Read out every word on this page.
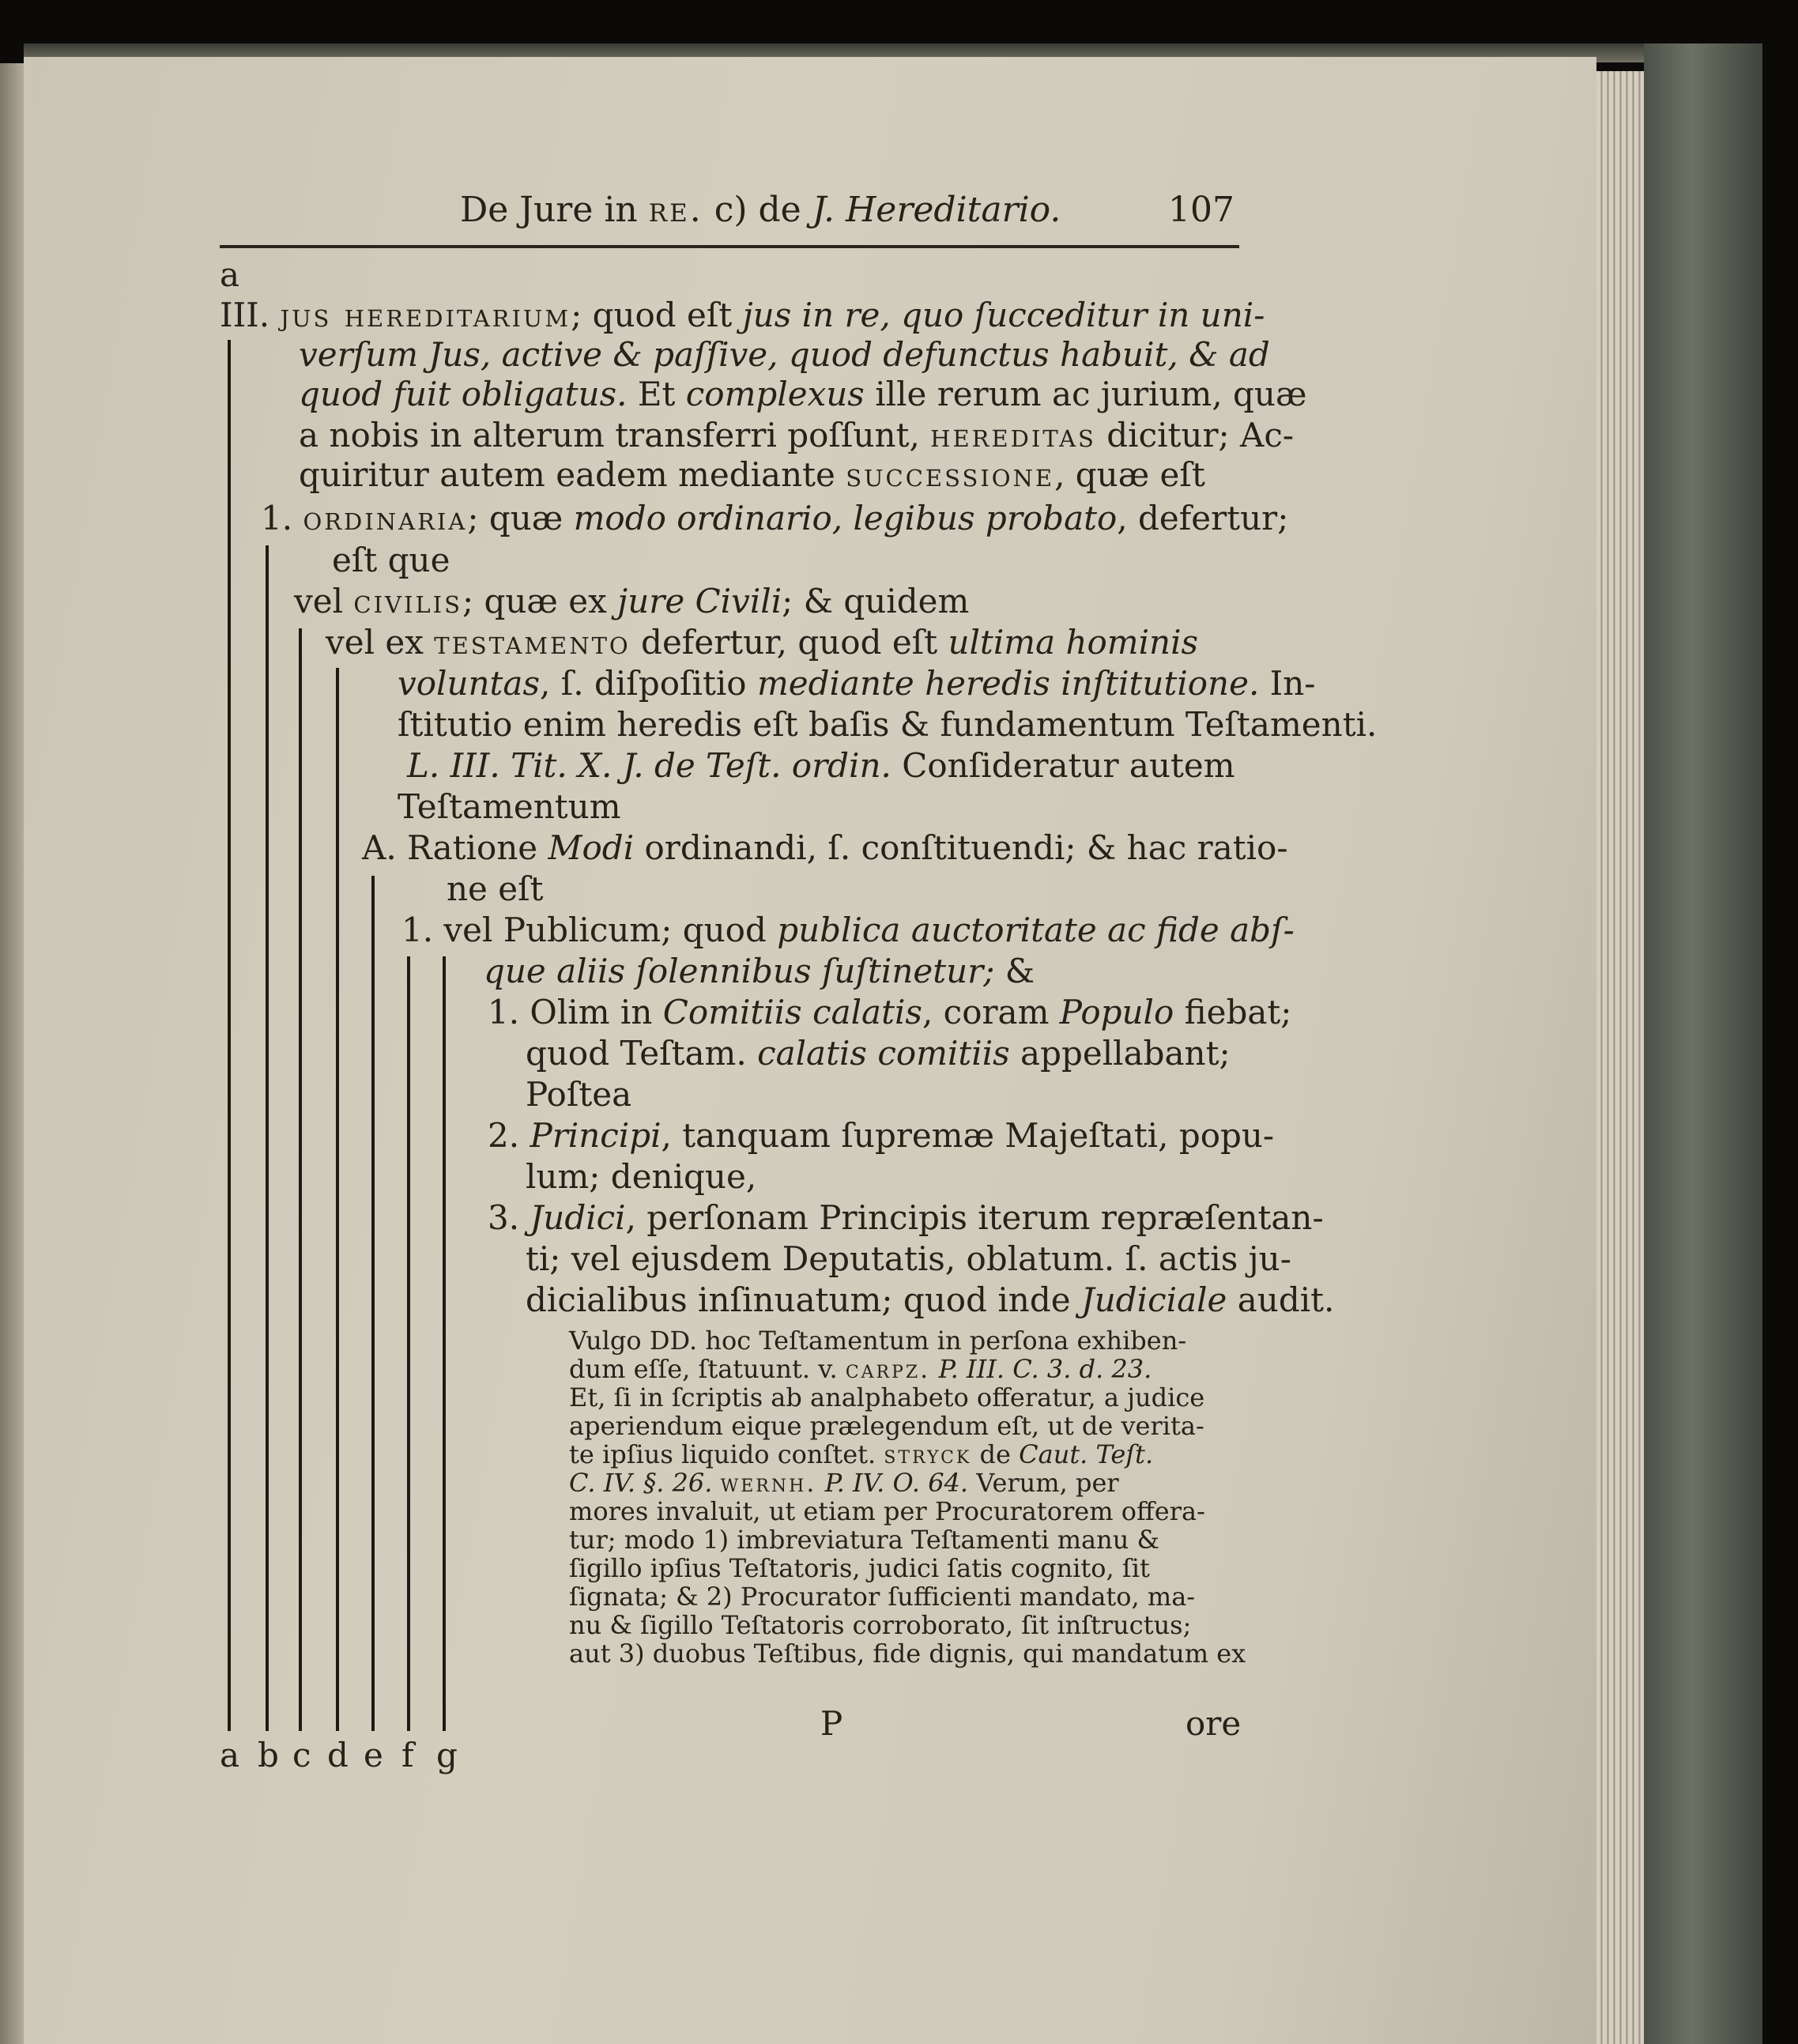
De Jure in re. c) de J. Hereditario.	107
a
III. jus hereditarium; quod eſt jus in re, quo ſucceditur in uni-
verſum Jus, active & paſſive, quod defunctus habuit, & ad
quod fuit obligatus. Et complexus ille rerum ac jurium, quæ
a nobis in alterum transferri poſſunt, hereditas dicitur; Ac-
quiritur autem eadem mediante successione, quæ eſt
1. ordinaria; quæ modo ordinario, legibus probato, defertur;
eſt que
vel civilis; quæ ex jure Civili; & quidem
vel ex testamento defertur, quod eſt ultima hominis
voluntas, ſ. diſpoſitio mediante heredis inſtitutione. In-
ſtitutio enim heredis eſt baſis & fundamentum Teſtamenti.
L. III. Tit. X. J. de Teſt. ordin. Conſideratur autem
Teſtamentum
A. Ratione Modi ordinandi, ſ. conſtituendi; & hac ratio-
ne eſt
1. vel Publicum; quod publica auctoritate ac fide abſ-
que aliis ſolennibus ſuſtinetur; &
1. Olim in Comitiis calatis, coram Populo fiebat;
quod Teſtam. calatis comitiis appellabant;
Poſtea
2. Principi, tanquam ſupremæ Majeſtati, popu-
lum; denique,
3. Judici, perſonam Principis iterum repræſentan-
ti; vel ejusdem Deputatis, oblatum. ſ. actis ju-
dicialibus inſinuatum; quod inde Judiciale audit.
Vulgo DD. hoc Teſtamentum in perſona exhiben-
dum eſſe, ſtatuunt. v. carpz. P. III. C. 3. d. 23.
Et, ſi in ſcriptis ab analphabeto offeratur, a judice
aperiendum eique prælegendum eſt, ut de verita-
te ipſius liquido conſtet. stryck de Caut. Teſt.
C. IV. §. 26. wernh. P. IV. O. 64. Verum, per
mores invaluit, ut etiam per Procuratorem offera-
tur; modo 1) imbreviatura Teſtamenti manu &
ſigillo ipſius Teſtatoris, judici ſatis cognito, ſit
ſignata; & 2) Procurator ſufficienti mandato, ma-
nu & ſigillo Teſtatoris corroborato, ſit inſtructus;
aut 3) duobus Teſtibus, fide dignis, qui mandatum ex
P	ore
a b c d e f g
